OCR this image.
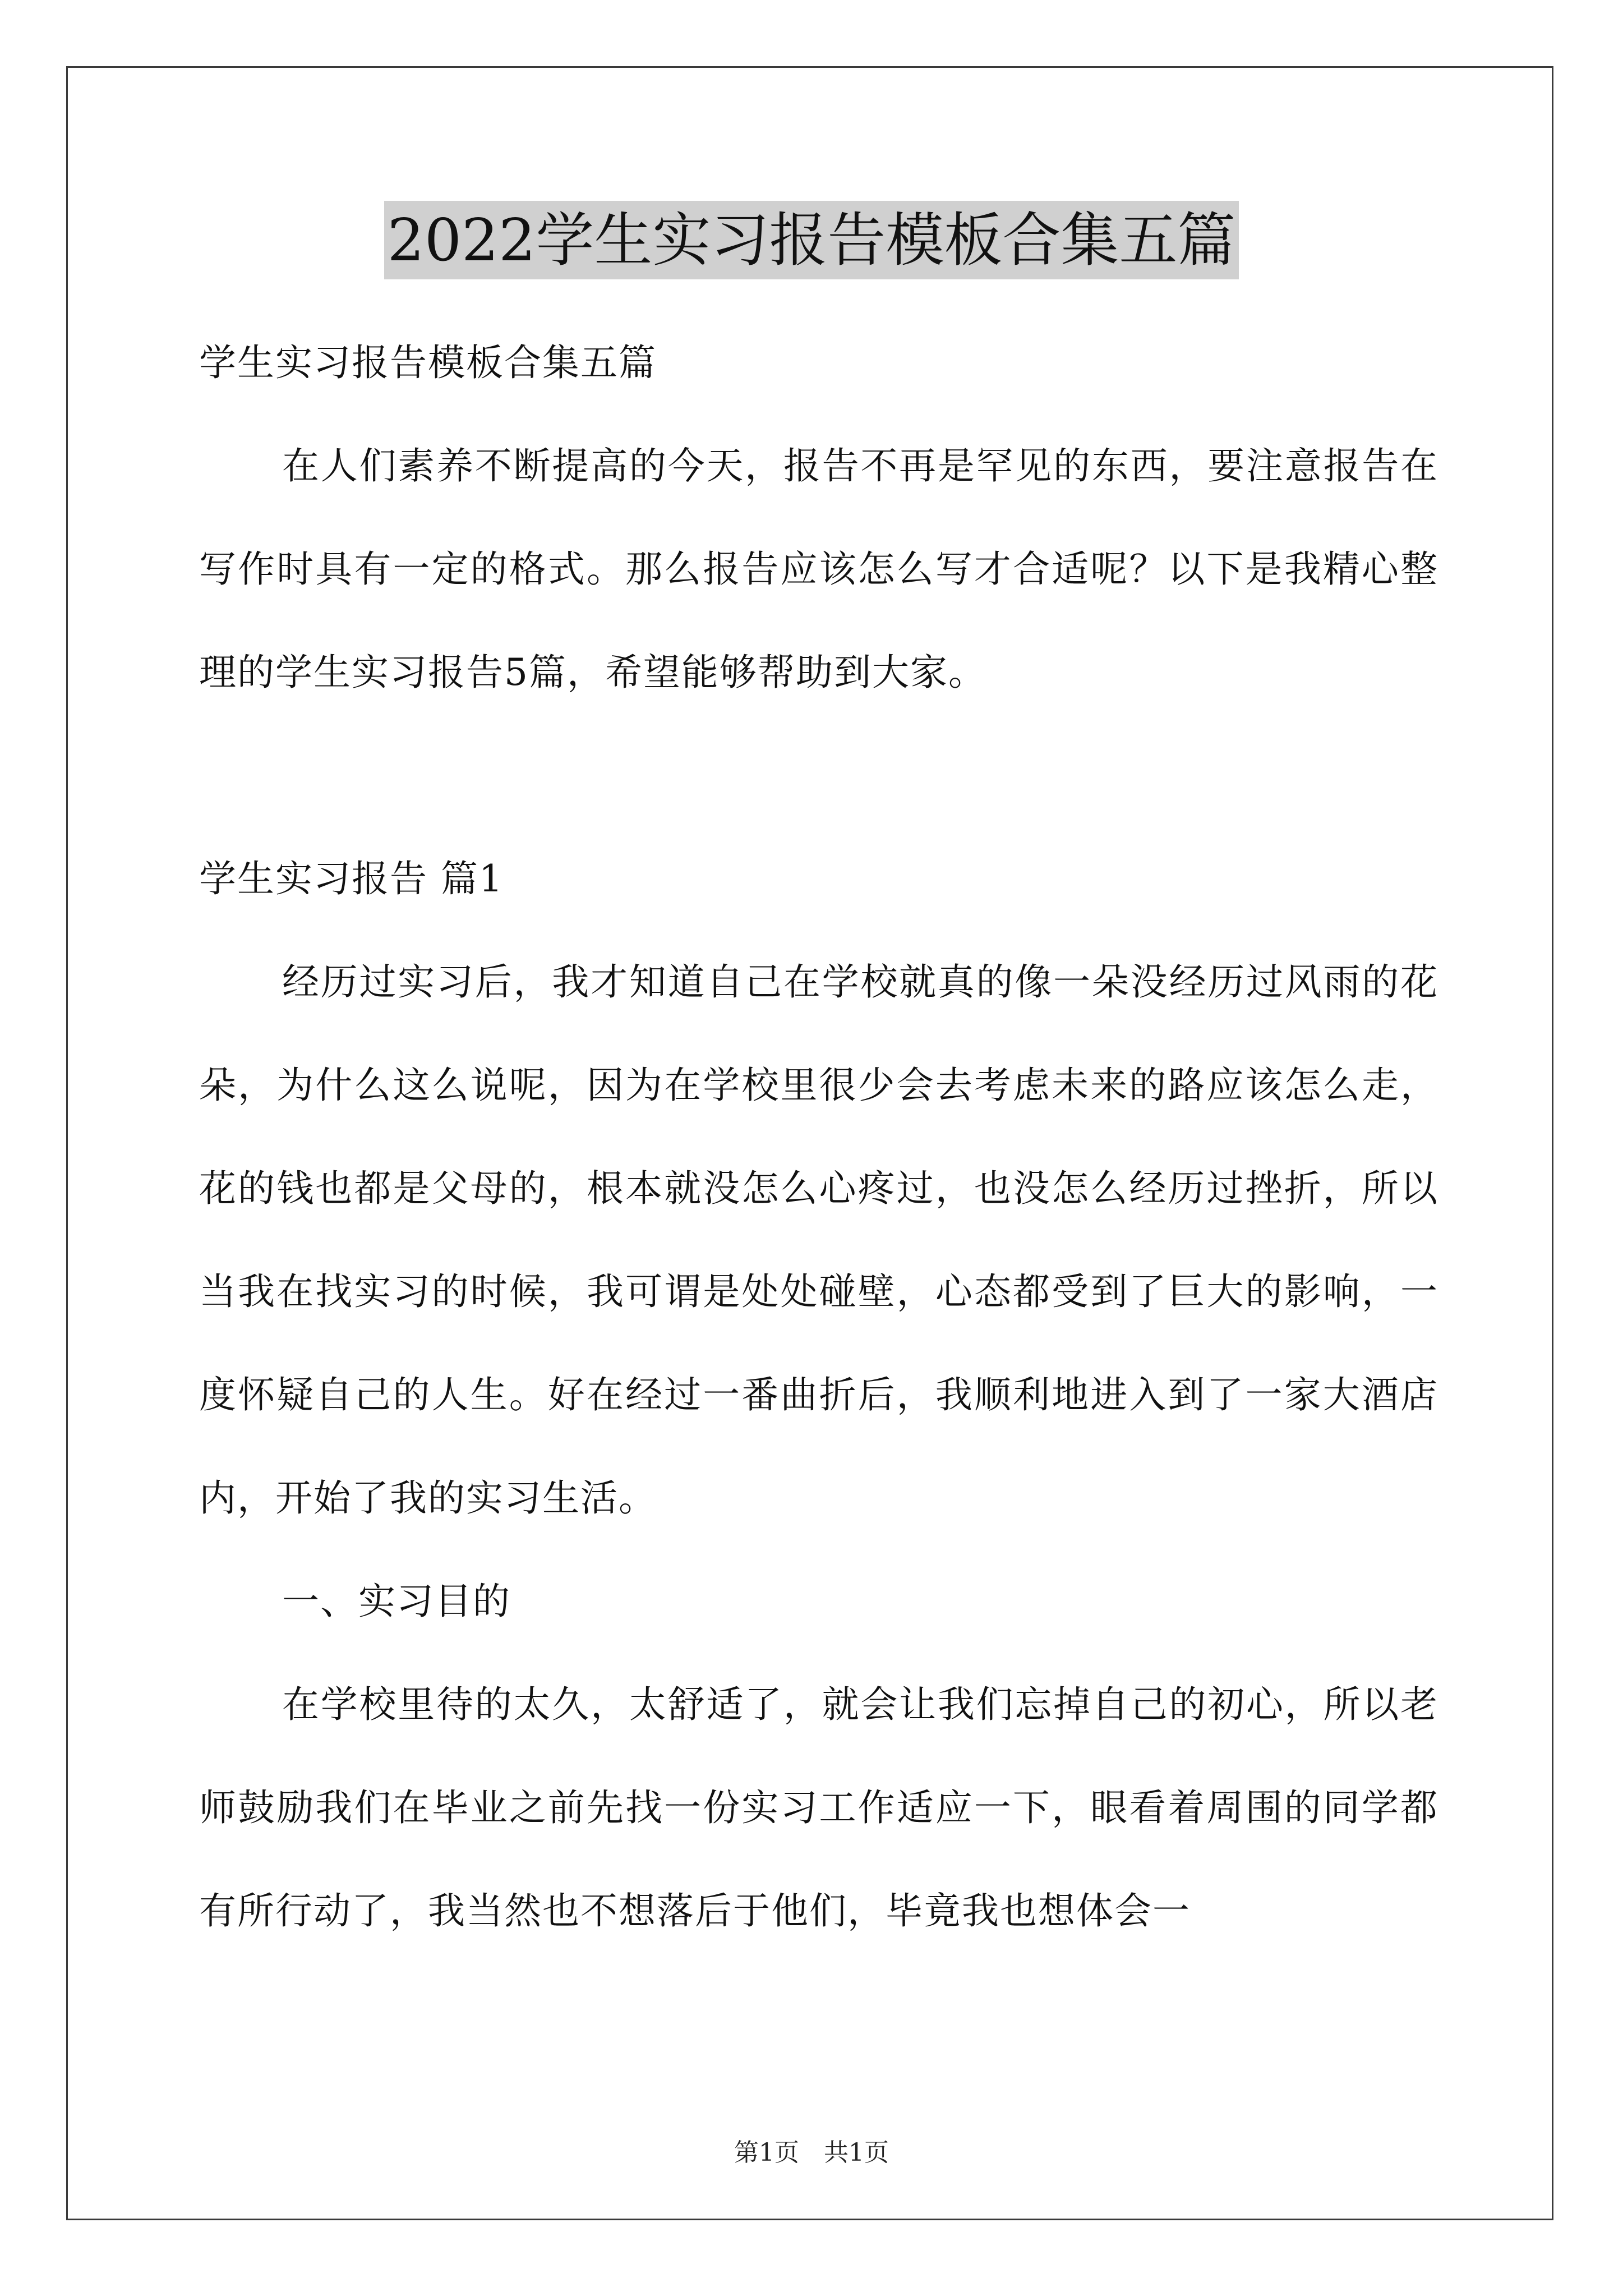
2022学生实习报告模板合集五篇

学生实习报告模板合集五篇

在人们素养不断提高的今天，报告不再是罕见的东西，要注意报告在写作时具有一定的格式。那么报告应该怎么写才合适呢？以下是我精心整理的学生实习报告5篇，希望能够帮助到大家。

学生实习报告 篇1

经历过实习后，我才知道自己在学校就真的像一朵没经历过风雨的花朵，为什么这么说呢，因为在学校里很少会去考虑未来的路应该怎么走，花的钱也都是父母的，根本就没怎么心疼过，也没怎么经历过挫折，所以当我在找实习的时候，我可谓是处处碰壁，心态都受到了巨大的影响，一度怀疑自己的人生。好在经过一番曲折后，我顺利地进入到了一家大酒店内，开始了我的实习生活。

一、实习目的

在学校里待的太久，太舒适了，就会让我们忘掉自己的初心，所以老师鼓励我们在毕业之前先找一份实习工作适应一下，眼看着周围的同学都有所行动了，我当然也不想落后于他们，毕竟我也想体会一

第1页　共1页
